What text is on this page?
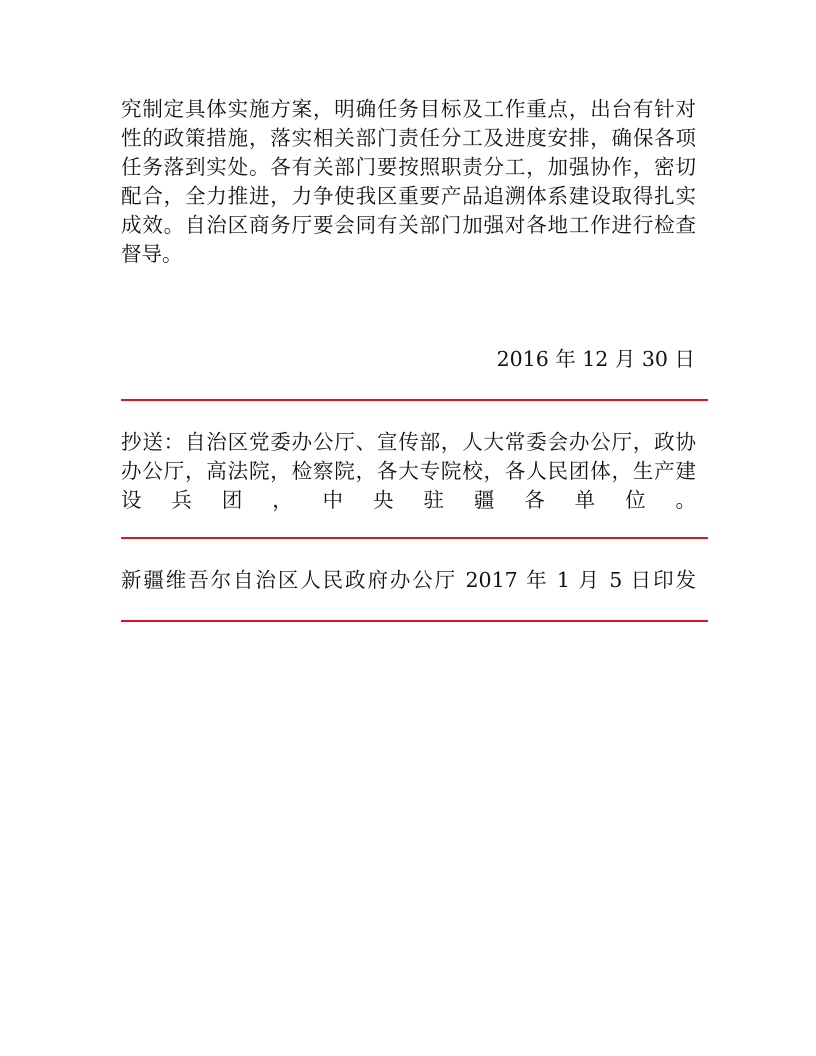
究制定具体实施方案，明确任务目标及工作重点，出台有针对
性的政策措施，落实相关部门责任分工及进度安排，确保各项
任务落到实处。各有关部门要按照职责分工，加强协作，密切
配合，全力推进，力争使我区重要产品追溯体系建设取得扎实
成效。自治区商务厅要会同有关部门加强对各地工作进行检查
督导。
2016 年 12 月 30 日
抄送：自治区党委办公厅、宣传部，人大常委会办公厅，政协
办公厅，高法院，检察院，各大专院校，各人民团体，生产建
设 兵 团 ， 中 央 驻 疆 各 单 位 。
新疆维吾尔自治区人民政府办公厅 2017 年 1 月 5 日印发
